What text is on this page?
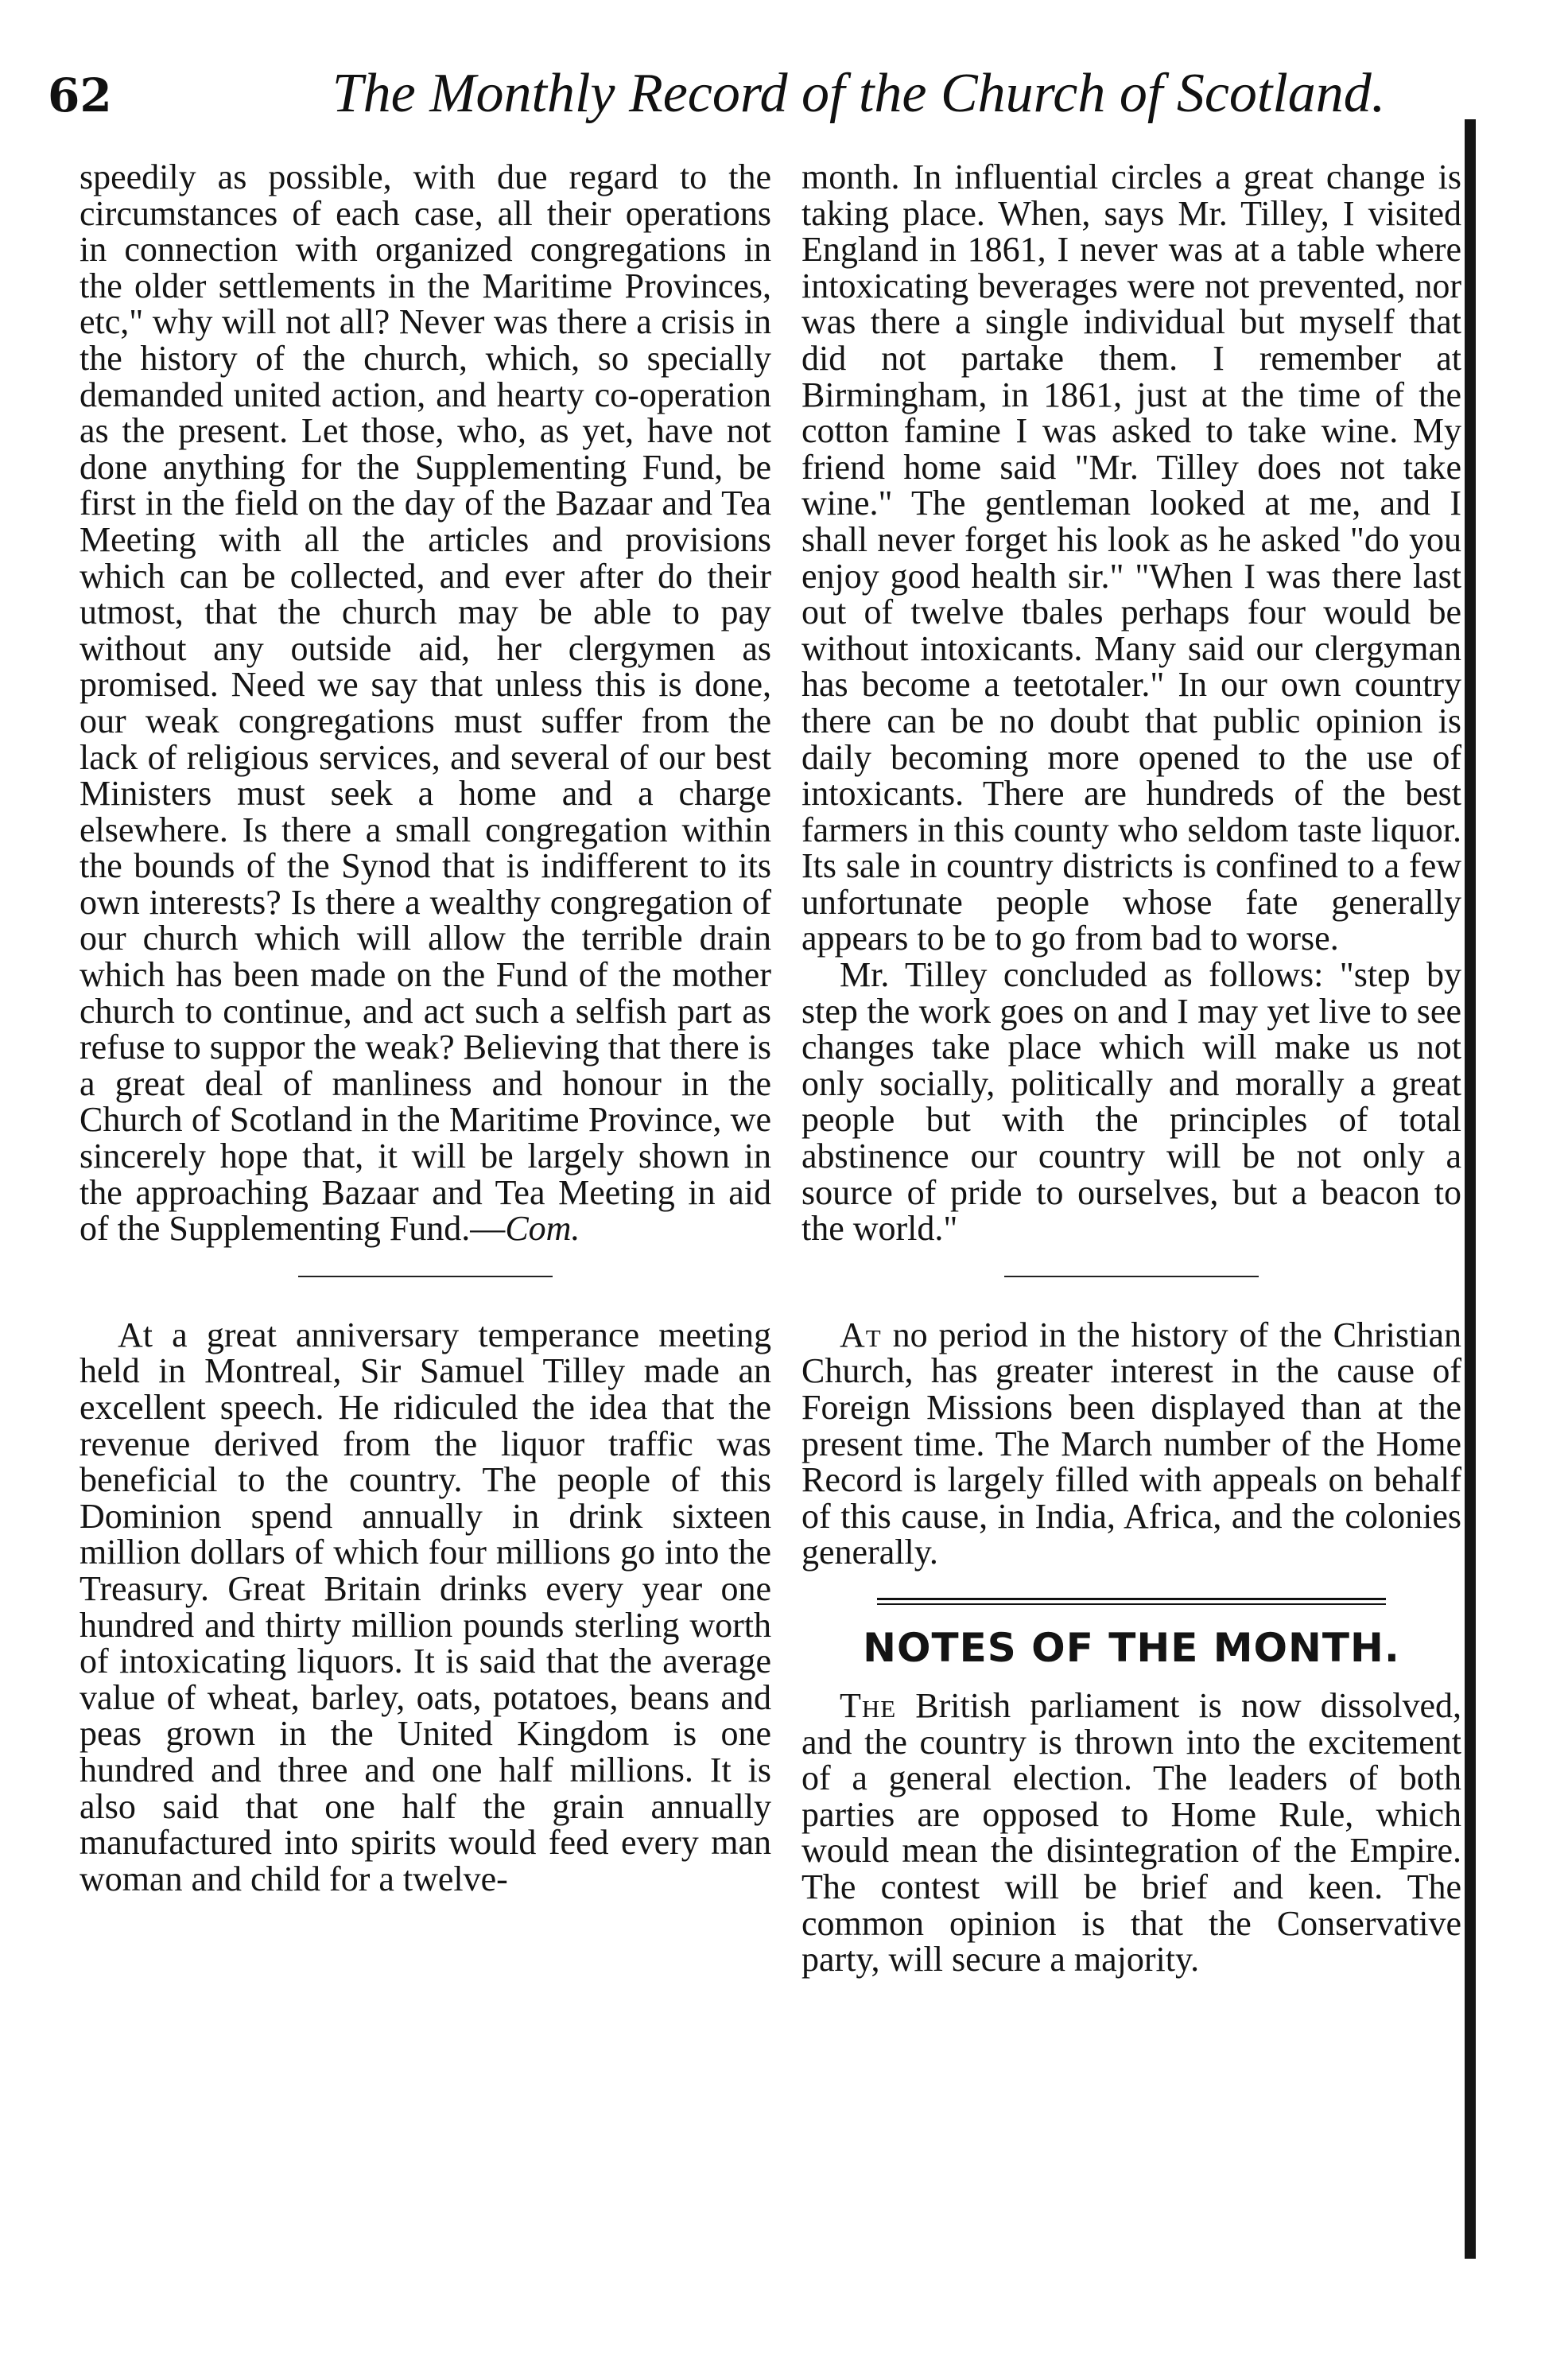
62	The Monthly Record of the Church of Scotland.

speedily as possible, with due regard to the circumstances of each case, all their operations in connection with organized congregations in the older settlements in the Maritime Provinces, etc," why will not all? Never was there a crisis in the history of the church, which, so specially demanded united action, and hearty co-operation as the present. Let those, who, as yet, have not done anything for the Supplementing Fund, be first in the field on the day of the Bazaar and Tea Meeting with all the articles and provisions which can be collected, and ever after do their utmost, that the church may be able to pay without any outside aid, her clergymen as promised. Need we say that unless this is done, our weak congregations must suffer from the lack of religious services, and several of our best Ministers must seek a home and a charge elsewhere. Is there a small congregation within the bounds of the Synod that is indifferent to its own interests? Is there a wealthy congregation of our church which will allow the terrible drain which has been made on the Fund of the mother church to continue, and act such a selfish part as refuse to suppor the weak? Believing that there is a great deal of manliness and honour in the Church of Scotland in the Maritime Province, we sincerely hope that, it will be largely shown in the approaching Bazaar and Tea Meeting in aid of the Supplementing Fund.—Com.

At a great anniversary temperance meeting held in Montreal, Sir Samuel Tilley made an excellent speech. He ridiculed the idea that the revenue derived from the liquor traffic was beneficial to the country. The people of this Dominion spend annually in drink sixteen million dollars of which four millions go into the Treasury. Great Britain drinks every year one hundred and thirty million pounds sterling worth of intoxicating liquors. It is said that the average value of wheat, barley, oats, potatoes, beans and peas grown in the United Kingdom is one hundred and three and one half millions. It is also said that one half the grain annually manufactured into spirits would feed every man woman and child for a twelve-

month. In influential circles a great change is taking place. When, says Mr. Tilley, I visited England in 1861, I never was at a table where intoxicating beverages were not prevented, nor was there a single individual but myself that did not partake them. I remember at Birmingham, in 1861, just at the time of the cotton famine I was asked to take wine. My friend home said "Mr. Tilley does not take wine." The gentleman looked at me, and I shall never forget his look as he asked "do you enjoy good health sir." "When I was there last out of twelve tbales perhaps four would be without intoxicants. Many said our clergyman has become a teetotaler." In our own country there can be no doubt that public opinion is daily becoming more opened to the use of intoxicants. There are hundreds of the best farmers in this county who seldom taste liquor. Its sale in country districts is confined to a few unfortunate people whose fate generally appears to be to go from bad to worse.

Mr. Tilley concluded as follows: "step by step the work goes on and I may yet live to see changes take place which will make us not only socially, politically and morally a great people but with the principles of total abstinence our country will be not only a source of pride to ourselves, but a beacon to the world."

At no period in the history of the Christian Church, has greater interest in the cause of Foreign Missions been displayed than at the present time. The March number of the Home Record is largely filled with appeals on behalf of this cause, in India, Africa, and the colonies generally.

NOTES OF THE MONTH.

The British parliament is now dissolved, and the country is thrown into the excitement of a general election. The leaders of both parties are opposed to Home Rule, which would mean the disintegration of the Empire. The contest will be brief and keen. The common opinion is that the Conservative party, will secure a majority.
